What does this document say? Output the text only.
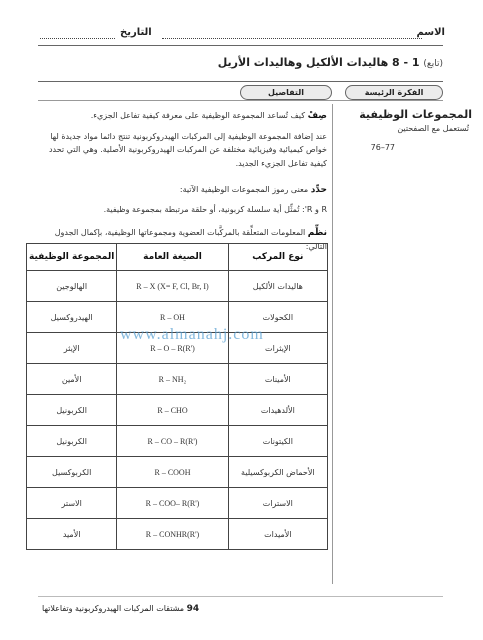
الاسم
التاريخ
(تابع) 1 - 8 هاليدات الألكيل وهاليدات الأريل
الفكرة الرئيسة
التفاصيل
المجموعات الوظيفية
تُستعمل مع الصفحتين
76–77
صِفْ كيف تُساعد المجموعة الوظيفية على معرفة كيفية تفاعل الجزيء.
عند إضافة المجموعة الوظيفية إلى المركبات الهيدروكربونية تنتج دائما مواد جديدة لها
خواص كيميائية وفيزيائية مختلفة عن المركبات الهيدروكربونية الأصلية. وهي التي تحدد
كيفية تفاعل الجزيء الجديد.
حدِّد معنى رموز المجموعات الوظيفية الآتية:
R و R': تُمثِّل أية سلسلة كربونية، أو حلقة مرتبطة بمجموعة وظيفية.
نظِّم المعلومات المتعلِّقة بالمركَّبات العضوية ومجموعاتها الوظيفية، بإكمال الجدول التالي:
نوع المركب	الصيغة العامة	المجموعة الوظيفية
هاليدات الألكيل	R – X (X= F, Cl, Br, I)	الهالوجين
الكحولات	R – OH	الهيدروكسيل
الإيثرات	R – O – R(R')	الإيثر
الأمينات	R – NH₂	الأمين
الألدهيدات	R – CHO	الكربونيل
الكيتونات	R – CO – R(R')	الكربونيل
الأحماض الكربوكسيلية	R – COOH	الكربوكسيل
الاسترات	R – COO– R(R')	الاستر
الأميدات	R – CONHR(R')	الأميد
www.almanahj.com
94 مشتقات المركبات الهيدروكربونية وتفاعلاتها
